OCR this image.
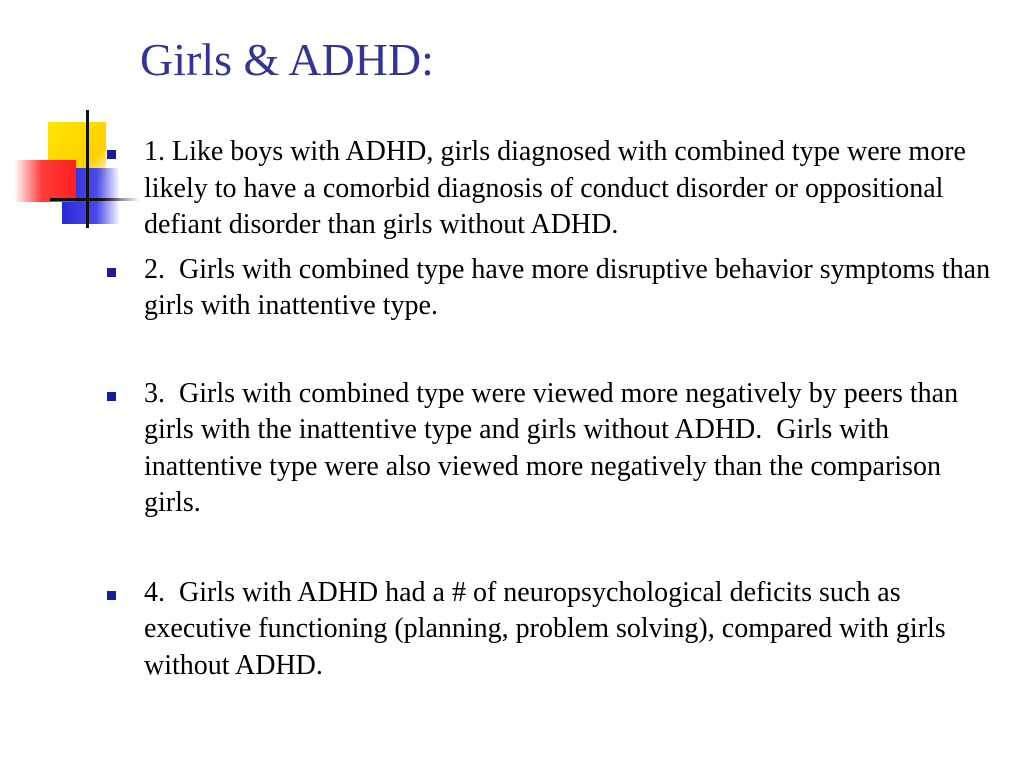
Girls & ADHD:
1. Like boys with ADHD, girls diagnosed with combined type were more likely to have a comorbid diagnosis of conduct disorder or oppositional defiant disorder than girls without ADHD.
2.  Girls with combined type have more disruptive behavior symptoms than girls with inattentive type.
3.  Girls with combined type were viewed more negatively by peers than girls with the inattentive type and girls without ADHD.  Girls with inattentive type were also viewed more negatively than the comparison girls.
4.  Girls with ADHD had a # of neuropsychological deficits such as executive functioning (planning, problem solving), compared with girls without ADHD.
